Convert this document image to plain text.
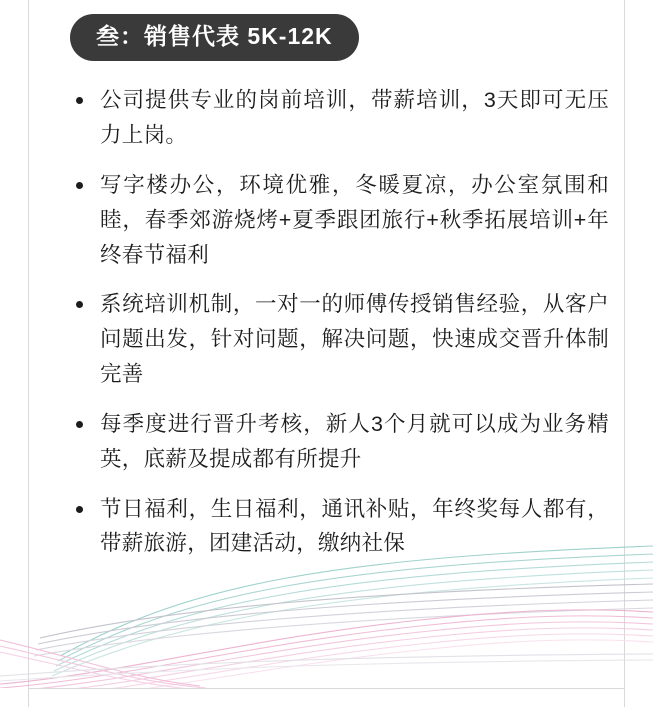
叁：销售代表 5K-12K
公司提供专业的岗前培训，带薪培训，3天即可无压力上岗。
写字楼办公，环境优雅，冬暖夏凉，办公室氛围和睦，春季郊游烧烤+夏季跟团旅行+秋季拓展培训+年终春节福利
系统培训机制，一对一的师傅传授销售经验，从客户问题出发，针对问题，解决问题，快速成交晋升体制完善
每季度进行晋升考核，新人3个月就可以成为业务精英，底薪及提成都有所提升
节日福利，生日福利，通讯补贴，年终奖每人都有，带薪旅游，团建活动，缴纳社保
